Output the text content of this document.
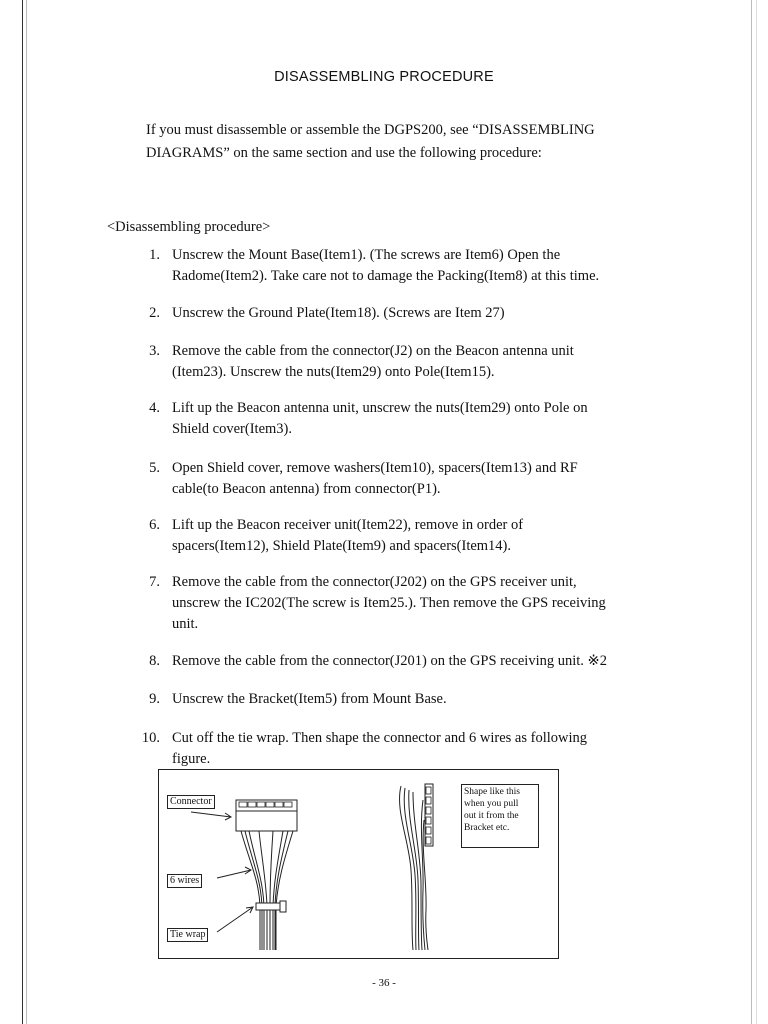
DISASSEMBLING PROCEDURE
If you must disassemble or assemble the DGPS200, see “DISASSEMBLING
DIAGRAMS” on the same section and use the following procedure:
<Disassembling procedure>
1. Unscrew the Mount Base(Item1). (The screws are Item6) Open the
Radome(Item2). Take care not to damage the Packing(Item8) at this time.
2. Unscrew the Ground Plate(Item18). (Screws are Item 27)
3. Remove the cable from the connector(J2) on the Beacon antenna unit
(Item23). Unscrew the nuts(Item29) onto Pole(Item15).
4. Lift up the Beacon antenna unit, unscrew the nuts(Item29) onto Pole on
Shield cover(Item3).
5. Open Shield cover, remove washers(Item10), spacers(Item13) and RF
cable(to Beacon antenna) from connector(P1).
6. Lift up the Beacon receiver unit(Item22), remove in order of
spacers(Item12), Shield Plate(Item9) and spacers(Item14).
7. Remove the cable from the connector(J202) on the GPS receiver unit,
unscrew the IC202(The screw is Item25.). Then remove the GPS receiving
unit.
8. Remove the cable from the connector(J201) on the GPS receiving unit. ※2
9. Unscrew the Bracket(Item5) from Mount Base.
10. Cut off the tie wrap. Then shape the connector and 6 wires as following
figure.
Connector
6 wires
Tie wrap
Shape like this
when you pull
out it from the
Bracket etc.
- 36 -
